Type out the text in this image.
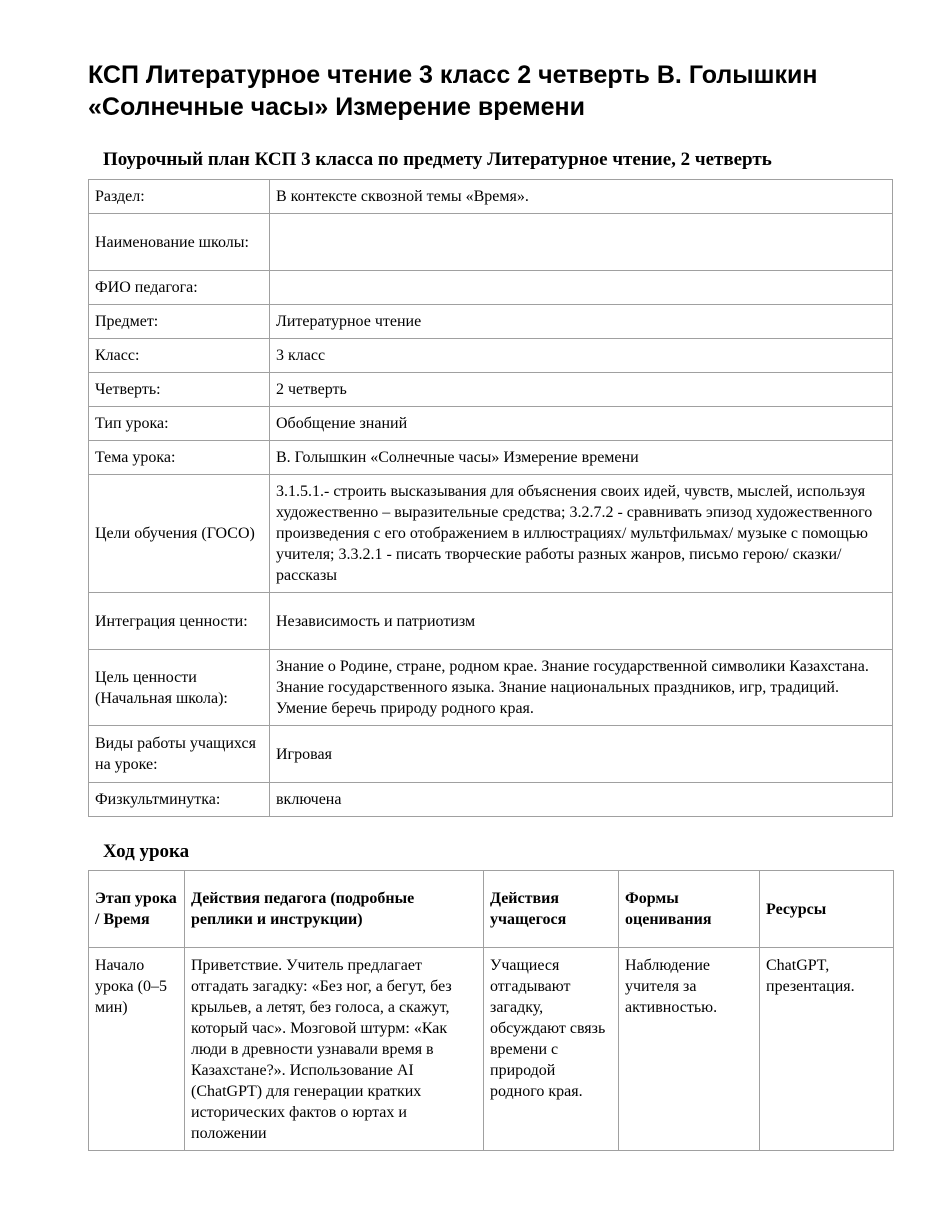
КСП Литературное чтение 3 класс 2 четверть В. Голышкин «Солнечные часы» Измерение времени
Поурочный план КСП 3 класса по предмету Литературное чтение, 2 четверть
Раздел:	В контексте сквозной темы «Время».
Наименование школы:	
ФИО педагога:	
Предмет:	Литературное чтение
Класс:	3 класс
Четверть:	2 четверть
Тип урока:	Обобщение знаний
Тема урока:	В. Голышкин «Солнечные часы» Измерение времени
Цели обучения (ГОСО)	3.1.5.1.- строить высказывания для объяснения своих идей, чувств, мыслей, используя художественно – выразительные средства; 3.2.7.2 - сравнивать эпизод художественного произведения с его отображением в иллюстрациях/ мультфильмах/ музыке с помощью учителя; 3.3.2.1 - писать творческие работы разных жанров, письмо герою/ сказки/ рассказы
Интеграция ценности:	Независимость и патриотизм
Цель ценности (Начальная школа):	Знание о Родине, стране, родном крае. Знание государственной символики Казахстана. Знание государственного языка. Знание национальных праздников, игр, традиций. Умение беречь природу родного края.
Виды работы учащихся на уроке:	Игровая
Физкультминутка:	включена
Ход урока
Этап урока / Время	Действия педагога (подробные реплики и инструкции)	Действия учащегося	Формы оценивания	Ресурсы
Начало урока (0–5 мин)	Приветствие. Учитель предлагает отгадать загадку: «Без ног, а бегут, без крыльев, а летят, без голоса, а скажут, который час». Мозговой штурм: «Как люди в древности узнавали время в Казахстане?». Использование AI (ChatGPT) для генерации кратких исторических фактов о юртах и положении	Учащиеся отгадывают загадку, обсуждают связь времени с природой родного края.	Наблюдение учителя за активностью.	ChatGPT, презентация.
